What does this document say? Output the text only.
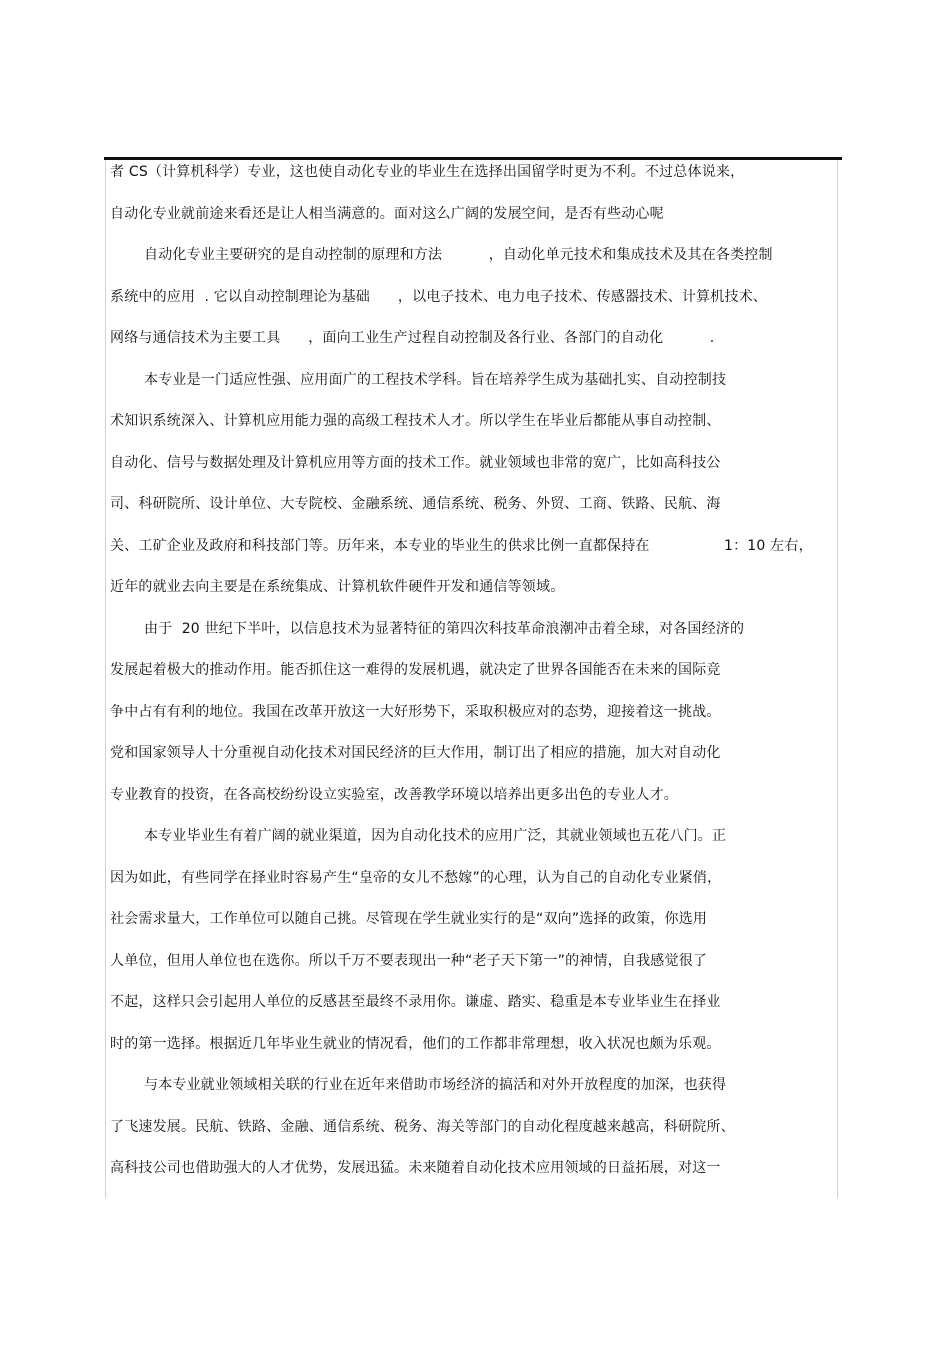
者 CS（计算机科学）专业，这也使自动化专业的毕业生在选择出国留学时更为不利。不过总体说来，
自动化专业就前途来看还是让人相当满意的。面对这么广阔的发展空间，是否有些动心呢
自动化专业主要研究的是自动控制的原理和方法          ，自动化单元技术和集成技术及其在各类控制
系统中的应用  . 它以自动控制理论为基础      ，以电子技术、电力电子技术、传感器技术、计算机技术、
网络与通信技术为主要工具      ，面向工业生产过程自动控制及各行业、各部门的自动化          .
本专业是一门适应性强、应用面广的工程技术学科。旨在培养学生成为基础扎实、自动控制技
术知识系统深入、计算机应用能力强的高级工程技术人才。所以学生在毕业后都能从事自动控制、
自动化、信号与数据处理及计算机应用等方面的技术工作。就业领域也非常的宽广，比如高科技公
司、科研院所、设计单位、大专院校、金融系统、通信系统、税务、外贸、工商、铁路、民航、海
关、工矿企业及政府和科技部门等。历年来，本专业的毕业生的供求比例一直都保持在                1：10 左右，
近年的就业去向主要是在系统集成、计算机软件硬件开发和通信等领域。
由于  20 世纪下半叶，以信息技术为显著特征的第四次科技革命浪潮冲击着全球，对各国经济的
发展起着极大的推动作用。能否抓住这一难得的发展机遇，就决定了世界各国能否在未来的国际竞
争中占有有利的地位。我国在改革开放这一大好形势下，采取积极应对的态势，迎接着这一挑战。
党和国家领导人十分重视自动化技术对国民经济的巨大作用，制订出了相应的措施，加大对自动化
专业教育的投资，在各高校纷纷设立实验室，改善教学环境以培养出更多出色的专业人才。
本专业毕业生有着广阔的就业渠道，因为自动化技术的应用广泛，其就业领域也五花八门。正
因为如此，有些同学在择业时容易产生“皇帝的女儿不愁嫁”的心理，认为自己的自动化专业紧俏，
社会需求量大，工作单位可以随自己挑。尽管现在学生就业实行的是“双向”选择的政策，你选用
人单位，但用人单位也在选你。所以千万不要表现出一种“老子天下第一”的神情，自我感觉很了
不起，这样只会引起用人单位的反感甚至最终不录用你。谦虚、踏实、稳重是本专业毕业生在择业
时的第一选择。根据近几年毕业生就业的情况看，他们的工作都非常理想，收入状况也颇为乐观。
与本专业就业领域相关联的行业在近年来借助市场经济的搞活和对外开放程度的加深，也获得
了飞速发展。民航、铁路、金融、通信系统、税务、海关等部门的自动化程度越来越高，科研院所、
高科技公司也借助强大的人才优势，发展迅猛。未来随着自动化技术应用领域的日益拓展，对这一
